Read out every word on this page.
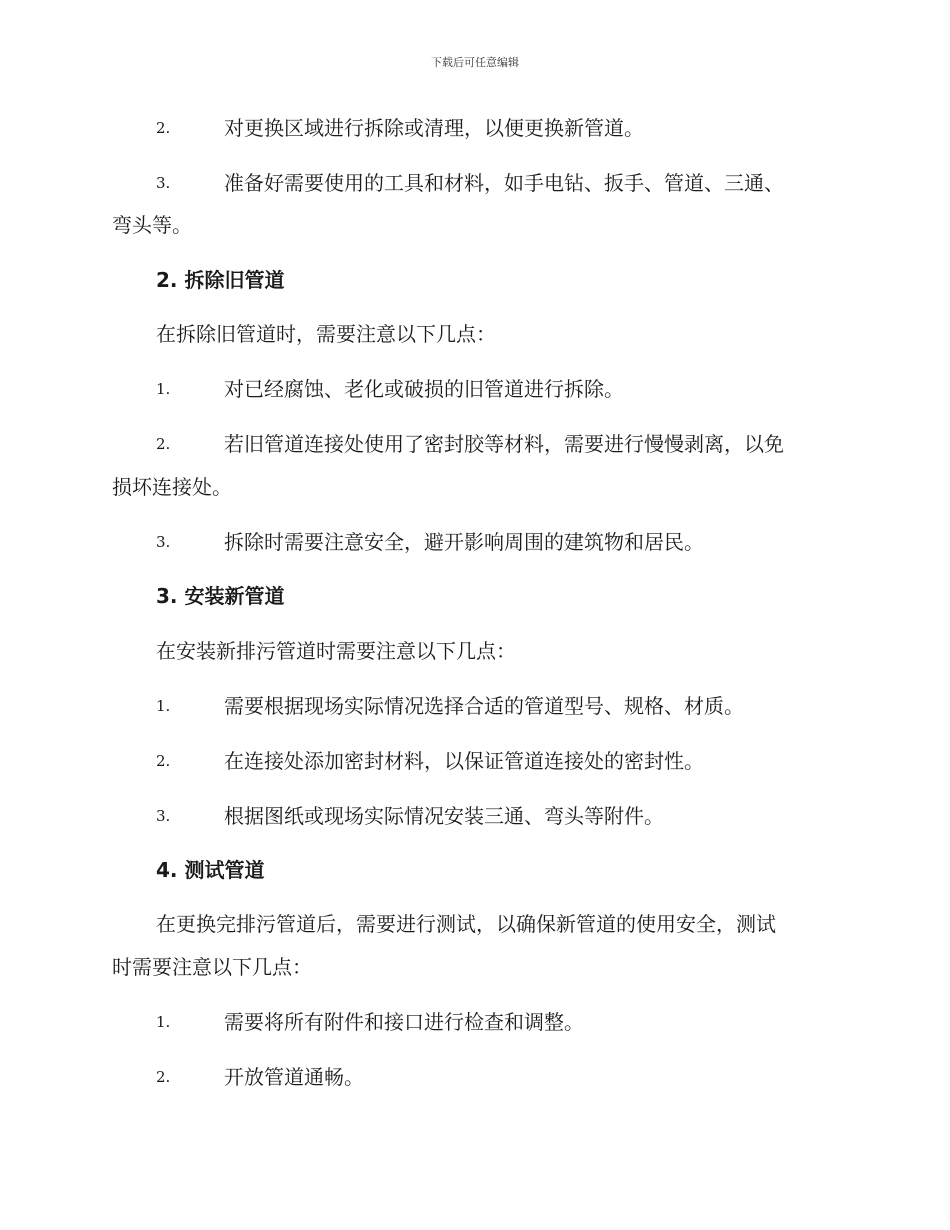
下载后可任意编辑
2.	对更换区域进行拆除或清理，以便更换新管道。
3.	准备好需要使用的工具和材料，如手电钻、扳手、管道、三通、
弯头等。
2. 拆除旧管道
在拆除旧管道时，需要注意以下几点：
1.	对已经腐蚀、老化或破损的旧管道进行拆除。
2.	若旧管道连接处使用了密封胶等材料，需要进行慢慢剥离，以免
损坏连接处。
3.	拆除时需要注意安全，避开影响周围的建筑物和居民。
3. 安装新管道
在安装新排污管道时需要注意以下几点：
1.	需要根据现场实际情况选择合适的管道型号、规格、材质。
2.	在连接处添加密封材料，以保证管道连接处的密封性。
3.	根据图纸或现场实际情况安装三通、弯头等附件。
4. 测试管道
在更换完排污管道后，需要进行测试，以确保新管道的使用安全，测试
时需要注意以下几点：
1.	需要将所有附件和接口进行检查和调整。
2.	开放管道通畅。
